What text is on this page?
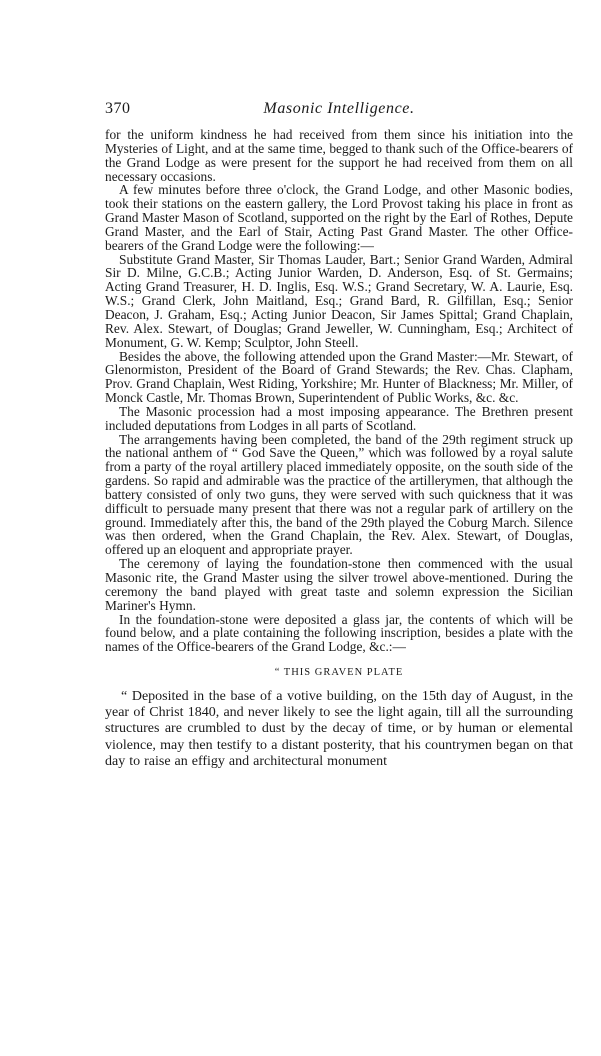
370	Masonic Intelligence.

for the uniform kindness he had received from them since his initiation into the Mysteries of Light, and at the same time, begged to thank such of the Office-bearers of the Grand Lodge as were present for the support he had received from them on all necessary occasions.

A few minutes before three o'clock, the Grand Lodge, and other Masonic bodies, took their stations on the eastern gallery, the Lord Provost taking his place in front as Grand Master Mason of Scotland, supported on the right by the Earl of Rothes, Depute Grand Master, and the Earl of Stair, Acting Past Grand Master. The other Office-bearers of the Grand Lodge were the following:—

Substitute Grand Master, Sir Thomas Lauder, Bart.; Senior Grand Warden, Admiral Sir D. Milne, G.C.B.; Acting Junior Warden, D. Anderson, Esq. of St. Germains; Acting Grand Treasurer, H. D. Inglis, Esq. W.S.; Grand Secretary, W. A. Laurie, Esq. W.S.; Grand Clerk, John Maitland, Esq.; Grand Bard, R. Gilfillan, Esq.; Senior Deacon, J. Graham, Esq.; Acting Junior Deacon, Sir James Spittal; Grand Chaplain, Rev. Alex. Stewart, of Douglas; Grand Jeweller, W. Cunningham, Esq.; Architect of Monument, G. W. Kemp; Sculptor, John Steell.

Besides the above, the following attended upon the Grand Master:—Mr. Stewart, of Glenormiston, President of the Board of Grand Stewards; the Rev. Chas. Clapham, Prov. Grand Chaplain, West Riding, Yorkshire; Mr. Hunter of Blackness; Mr. Miller, of Monck Castle, Mr. Thomas Brown, Superintendent of Public Works, &c. &c.

The Masonic procession had a most imposing appearance. The Brethren present included deputations from Lodges in all parts of Scotland.

The arrangements having been completed, the band of the 29th regiment struck up the national anthem of “ God Save the Queen,” which was followed by a royal salute from a party of the royal artillery placed immediately opposite, on the south side of the gardens. So rapid and admirable was the practice of the artillerymen, that although the battery consisted of only two guns, they were served with such quickness that it was difficult to persuade many present that there was not a regular park of artillery on the ground. Immediately after this, the band of the 29th played the Coburg March. Silence was then ordered, when the Grand Chaplain, the Rev. Alex. Stewart, of Douglas, offered up an eloquent and appropriate prayer.

The ceremony of laying the foundation-stone then commenced with the usual Masonic rite, the Grand Master using the silver trowel above-mentioned. During the ceremony the band played with great taste and solemn expression the Sicilian Mariner's Hymn.

In the foundation-stone were deposited a glass jar, the contents of which will be found below, and a plate containing the following inscription, besides a plate with the names of the Office-bearers of the Grand Lodge, &c.:—

“ THIS GRAVEN PLATE

“ Deposited in the base of a votive building, on the 15th day of August, in the year of Christ 1840, and never likely to see the light again, till all the surrounding structures are crumbled to dust by the decay of time, or by human or elemental violence, may then testify to a distant posterity, that his countrymen began on that day to raise an effigy and architectural monument
